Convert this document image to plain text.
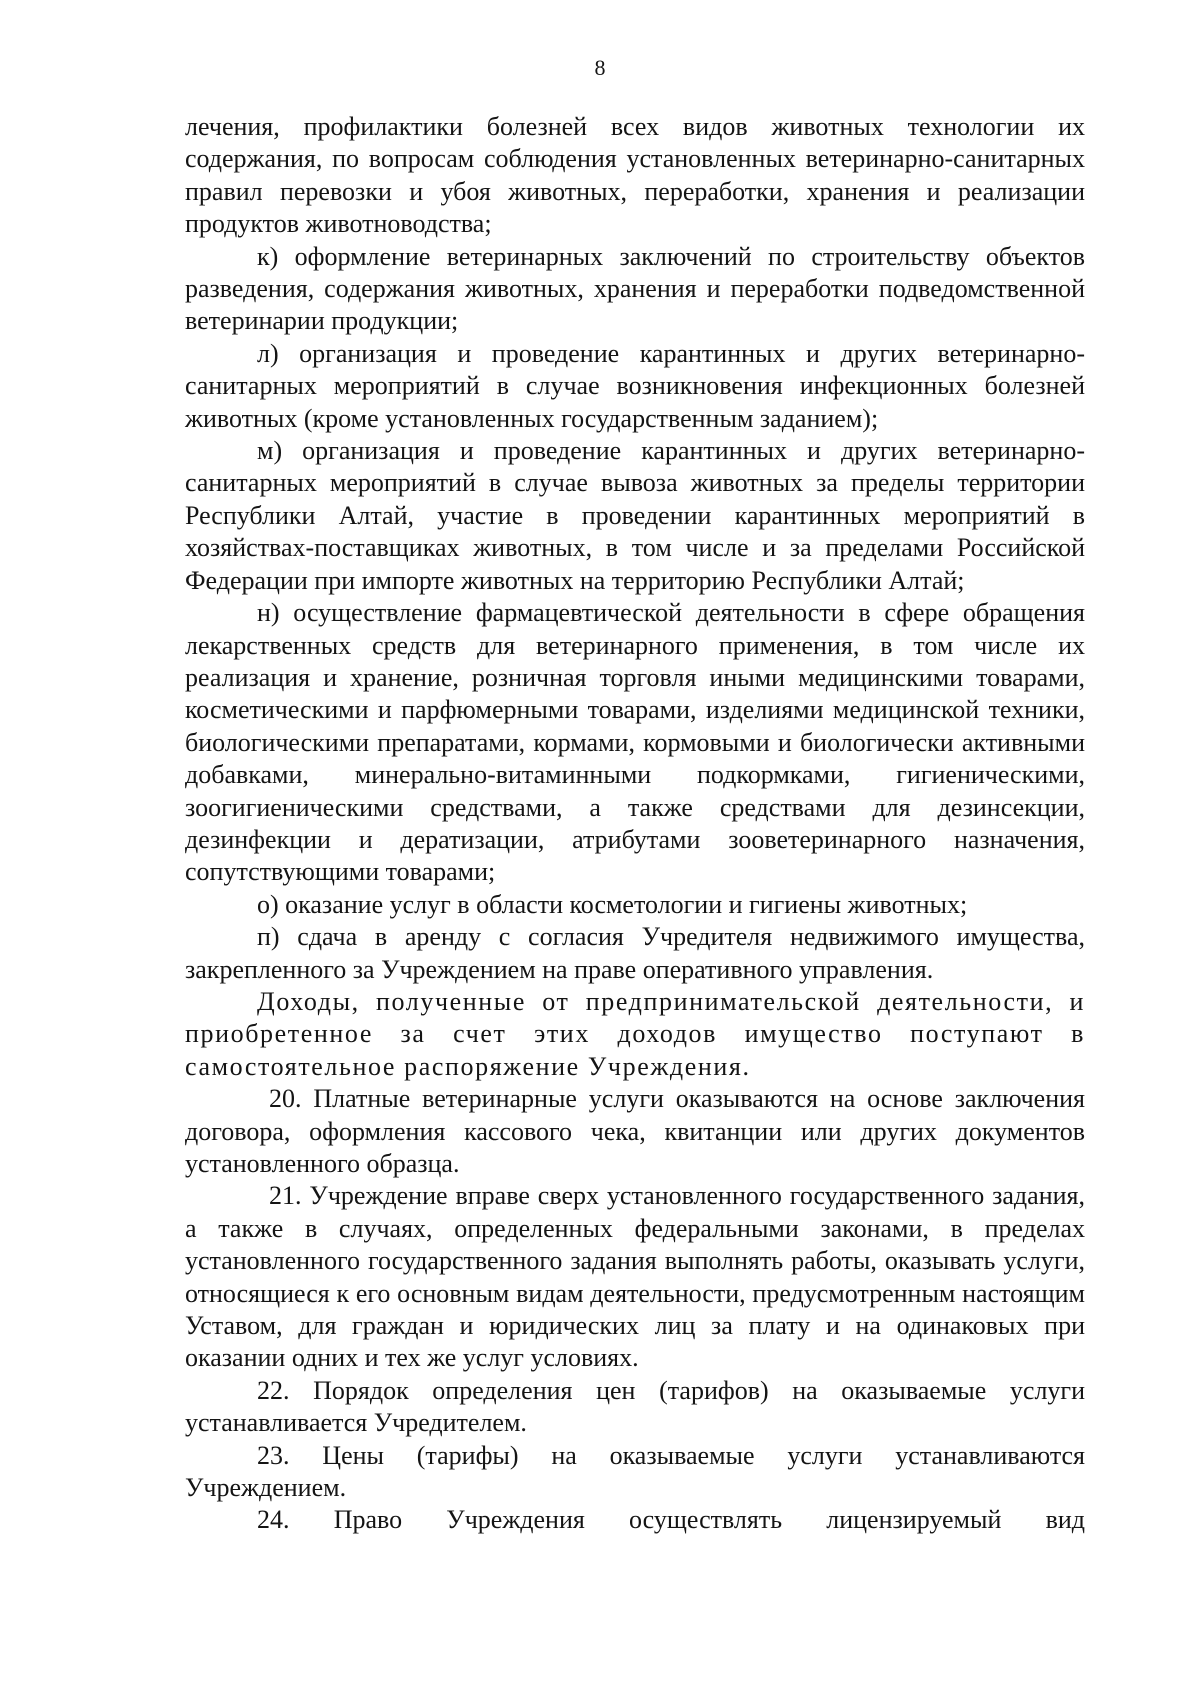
8

лечения, профилактики болезней всех видов животных технологии их содержания, по вопросам соблюдения установленных ветеринарно-санитарных правил перевозки и убоя животных, переработки, хранения и реализации продуктов животноводства;

к) оформление ветеринарных заключений по строительству объектов разведения, содержания животных, хранения и переработки подведомственной ветеринарии продукции;

л) организация и проведение карантинных и других ветеринарно-санитарных мероприятий в случае возникновения инфекционных болезней животных (кроме установленных государственным заданием);

м) организация и проведение карантинных и других ветеринарно-санитарных мероприятий в случае вывоза животных за пределы территории Республики Алтай, участие в проведении карантинных мероприятий в хозяйствах-поставщиках животных, в том числе и за пределами Российской Федерации при импорте животных на территорию Республики Алтай;

н) осуществление фармацевтической деятельности в сфере обращения лекарственных средств для ветеринарного применения, в том числе их реализация и хранение, розничная торговля иными медицинскими товарами, косметическими и парфюмерными товарами, изделиями медицинской техники, биологическими препаратами, кормами, кормовыми и биологически активными добавками, минерально-витаминными подкормками, гигиеническими, зоогигиеническими средствами, а также средствами для дезинсекции, дезинфекции и дератизации, атрибутами зооветеринарного назначения, сопутствующими товарами;

о) оказание услуг в области косметологии и гигиены животных;

п) сдача в аренду с согласия Учредителя недвижимого имущества, закрепленного за Учреждением на праве оперативного управления.

Доходы, полученные от предпринимательской деятельности, и приобретенное за счет этих доходов имущество поступают в самостоятельное распоряжение Учреждения.

20. Платные ветеринарные услуги оказываются на основе заключения договора, оформления кассового чека, квитанции или других документов установленного образца.

21. Учреждение вправе сверх установленного государственного задания, а также в случаях, определенных федеральными законами, в пределах установленного государственного задания выполнять работы, оказывать услуги, относящиеся к его основным видам деятельности, предусмотренным настоящим Уставом, для граждан и юридических лиц за плату и на одинаковых при оказании одних и тех же услуг условиях.

22. Порядок определения цен (тарифов) на оказываемые услуги устанавливается Учредителем.

23. Цены (тарифы) на оказываемые услуги устанавливаются Учреждением.

24. Право Учреждения осуществлять лицензируемый вид
